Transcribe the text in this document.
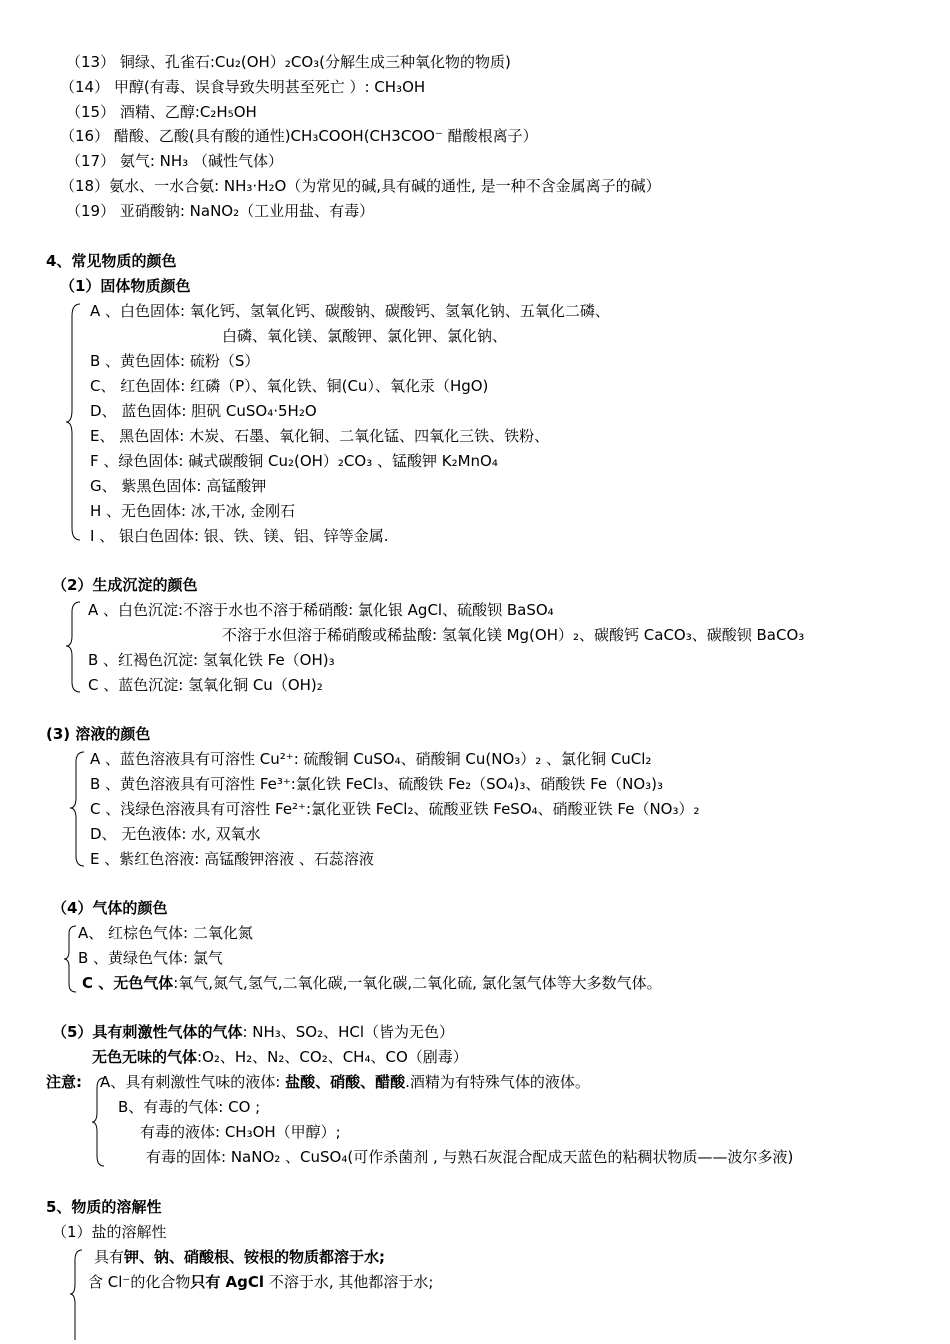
（13） 铜绿、孔雀石:Cu₂(OH）₂CO₃(分解生成三种氧化物的物质)
（14） 甲醇(有毒、误食导致失明甚至死亡 ）: CH₃OH
（15） 酒精、乙醇:C₂H₅OH
（16） 醋酸、乙酸(具有酸的通性)CH₃COOH(CH3COO⁻ 醋酸根离子）
（17） 氨气: NH₃ （碱性气体）
（18）氨水、一水合氨: NH₃·H₂O（为常见的碱,具有碱的通性, 是一种不含金属离子的碱）
（19） 亚硝酸钠: NaNO₂（工业用盐、有毒）
4、常见物质的颜色
（1）固体物质颜色
A 、白色固体: 氧化钙、氢氧化钙、碳酸钠、碳酸钙、氢氧化钠、五氧化二磷、
白磷、氧化镁、氯酸钾、氯化钾、氯化钠、
B 、黄色固体: 硫粉（S）
C、 红色固体: 红磷（P）、氧化铁、铜(Cu）、氧化汞（HgO)
D、 蓝色固体: 胆矾 CuSO₄·5H₂O
E、 黑色固体: 木炭、石墨、氧化铜、二氧化锰、四氧化三铁、铁粉、
F 、绿色固体: 碱式碳酸铜 Cu₂(OH）₂CO₃ 、锰酸钾 K₂MnO₄
G、 紫黑色固体: 高锰酸钾
H 、无色固体: 冰,干冰, 金刚石
I 、 银白色固体: 银、铁、镁、铝、锌等金属.
（2）生成沉淀的颜色
A 、白色沉淀:不溶于水也不溶于稀硝酸: 氯化银 AgCl、硫酸钡 BaSO₄
不溶于水但溶于稀硝酸或稀盐酸: 氢氧化镁 Mg(OH）₂、碳酸钙 CaCO₃、碳酸钡 BaCO₃
B 、红褐色沉淀: 氢氧化铁 Fe（OH)₃
C 、蓝色沉淀: 氢氧化铜 Cu（OH)₂
(3) 溶液的颜色
A 、蓝色溶液具有可溶性 Cu²⁺: 硫酸铜 CuSO₄、硝酸铜 Cu(NO₃）₂ 、氯化铜 CuCl₂
B 、黄色溶液具有可溶性 Fe³⁺:氯化铁 FeCl₃、硫酸铁 Fe₂（SO₄)₃、硝酸铁 Fe（NO₃)₃
C 、浅绿色溶液具有可溶性 Fe²⁺:氯化亚铁 FeCl₂、硫酸亚铁 FeSO₄、硝酸亚铁 Fe（NO₃）₂
D、 无色液体: 水, 双氧水
E 、紫红色溶液: 高锰酸钾溶液 、石蕊溶液
（4）气体的颜色
A、 红棕色气体: 二氧化氮
B 、黄绿色气体: 氯气
C 、无色气体:氧气,氮气,氢气,二氧化碳,一氧化碳,二氧化硫, 氯化氢气体等大多数气体。
（5）具有刺激性气体的气体: NH₃、SO₂、HCl（皆为无色）
无色无味的气体:O₂、H₂、N₂、CO₂、CH₄、CO（剧毒）
注意: A、具有刺激性气味的液体: 盐酸、硝酸、醋酸.酒精为有特殊气体的液体。
B、有毒的气体: CO ;
有毒的液体: CH₃OH（甲醇）;
有毒的固体: NaNO₂ 、CuSO₄(可作杀菌剂 , 与熟石灰混合配成天蓝色的粘稠状物质——波尔多液)
5、物质的溶解性
（1）盐的溶解性
具有钾、钠、硝酸根、铵根的物质都溶于水;
含 Cl⁻的化合物只有 AgCl 不溶于水, 其他都溶于水;
